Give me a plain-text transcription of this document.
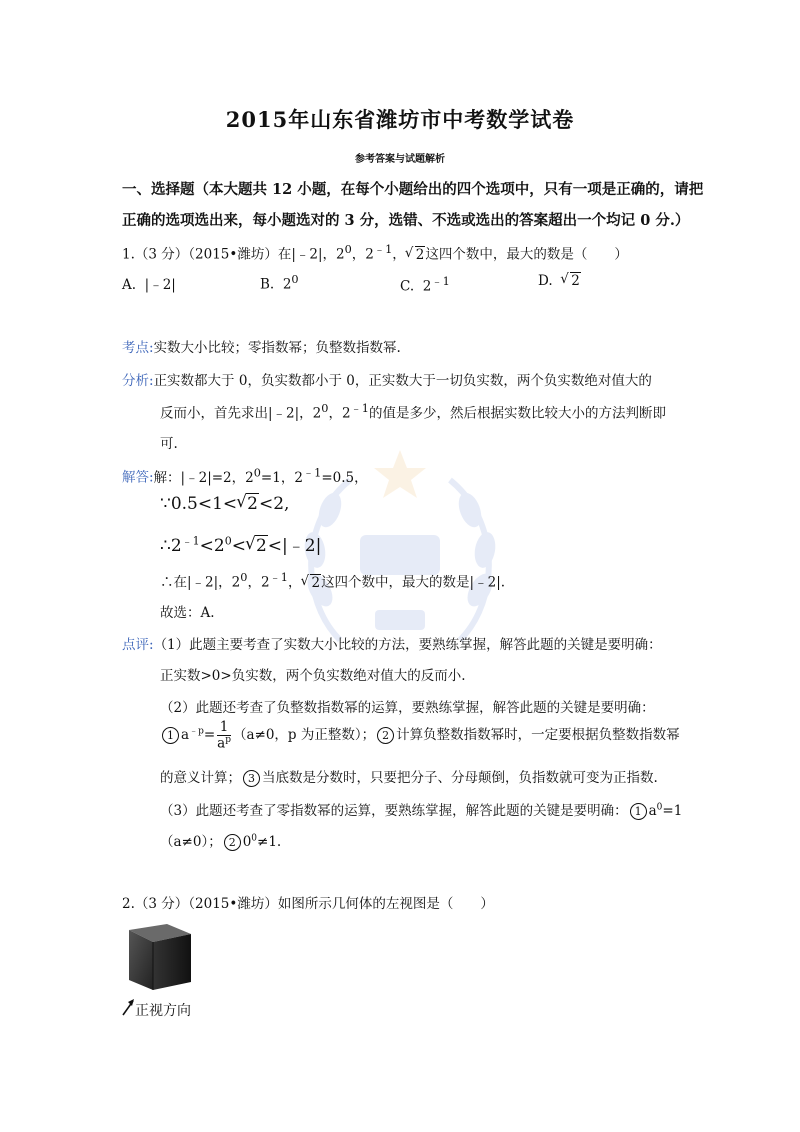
2015年山东省潍坊市中考数学试卷
参考答案与试题解析
一、选择题（本大题共 12 小题，在每个小题给出的四个选项中，只有一项是正确的，请把
正确的选项选出来，每小题选对的 3 分，选错、不选或选出的答案超出一个均记 0 分.）
1.（3 分）（2015•潍坊）在|﹣2|，$2^0$，$2^{﹣1}$，√ 2这四个数中，最大的数是（　　）
A. |﹣2|	B. $2^0$	C. $2^{﹣1}$	D.  √ 2
考点:实数大小比较；零指数幂；负整数指数幂.
分析:正实数都大于 0，负实数都小于 0，正实数大于一切负实数，两个负实数绝对值大的
反而小，首先求出|﹣2|，$2^0$，$2^{﹣1}$的值是多少，然后根据实数比较大小的方法判断即
可.
解答:解：|﹣2|=2，$2^0=1$，$2^{﹣1}=0.5$，
∵0.5<1<√ 2<2,
$\therefore 2^{﹣1}<2^0<√$ 2<|﹣2|
∴在|﹣2|，$2^0$，$2^{﹣1}$，√ 2这四个数中，最大的数是|﹣2|.
故选：A.
点评:（1）此题主要考查了实数大小比较的方法，要熟练掌握，解答此题的关键是要明确：
正实数>0>负实数，两个负实数绝对值大的反而小.
（2）此题还考查了负整数指数幂的运算，要熟练掌握，解答此题的关键是要明确：
1 $a^{﹣p}= \frac{1}{a^p} (a\ne 0$，p 为正整数）； 2 计算负整数指数幂时，一定要根据负整数指数幂
的意义计算； 3 当底数是分数时，只要把分子、分母颠倒，负指数就可变为正指数.
（3）此题还考查了零指数幂的运算，要熟练掌握，解答此题的关键是要明确： 1 $a^0=1$
（a≠0）； 2 $0^0\ne 1$.
2.（3 分）（2015•潍坊）如图所示几何体的左视图是（　　）
正视方向
